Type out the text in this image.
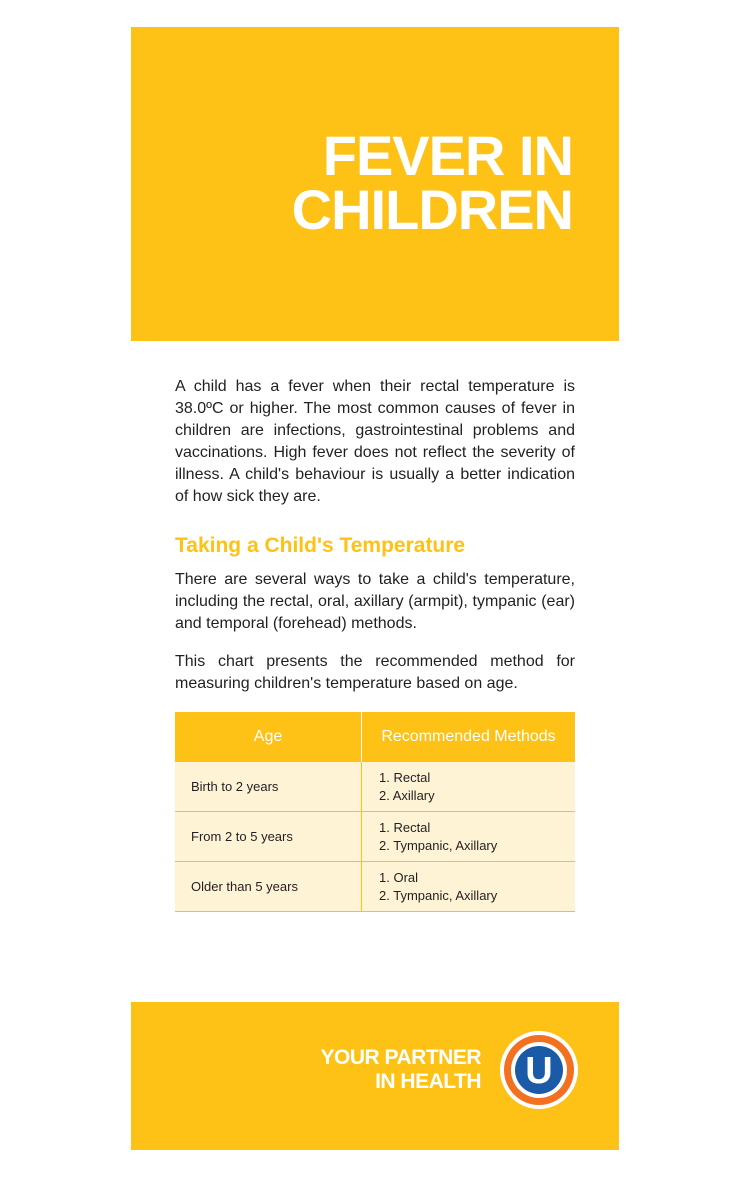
FEVER IN
CHILDREN

A child has a fever when their rectal temperature is 38.0ºC or higher. The most common causes of fever in children are infections, gastrointestinal problems and vaccinations. High fever does not reflect the severity of illness. A child's behaviour is usually a better indication of how sick they are.

Taking a Child's Temperature

There are several ways to take a child's temperature, including the rectal, oral, axillary (armpit), tympanic (ear) and temporal (forehead) methods.

This chart presents the recommended method for measuring children's temperature based on age.

Age	Recommended Methods
Birth to 2 years	1. Rectal
2. Axillary

From 2 to 5 years	1. Rectal
2. Tympanic, Axillary

Older than 5 years	1. Oral
2. Tympanic, Axillary
YOUR PARTNER
IN HEALTH U
